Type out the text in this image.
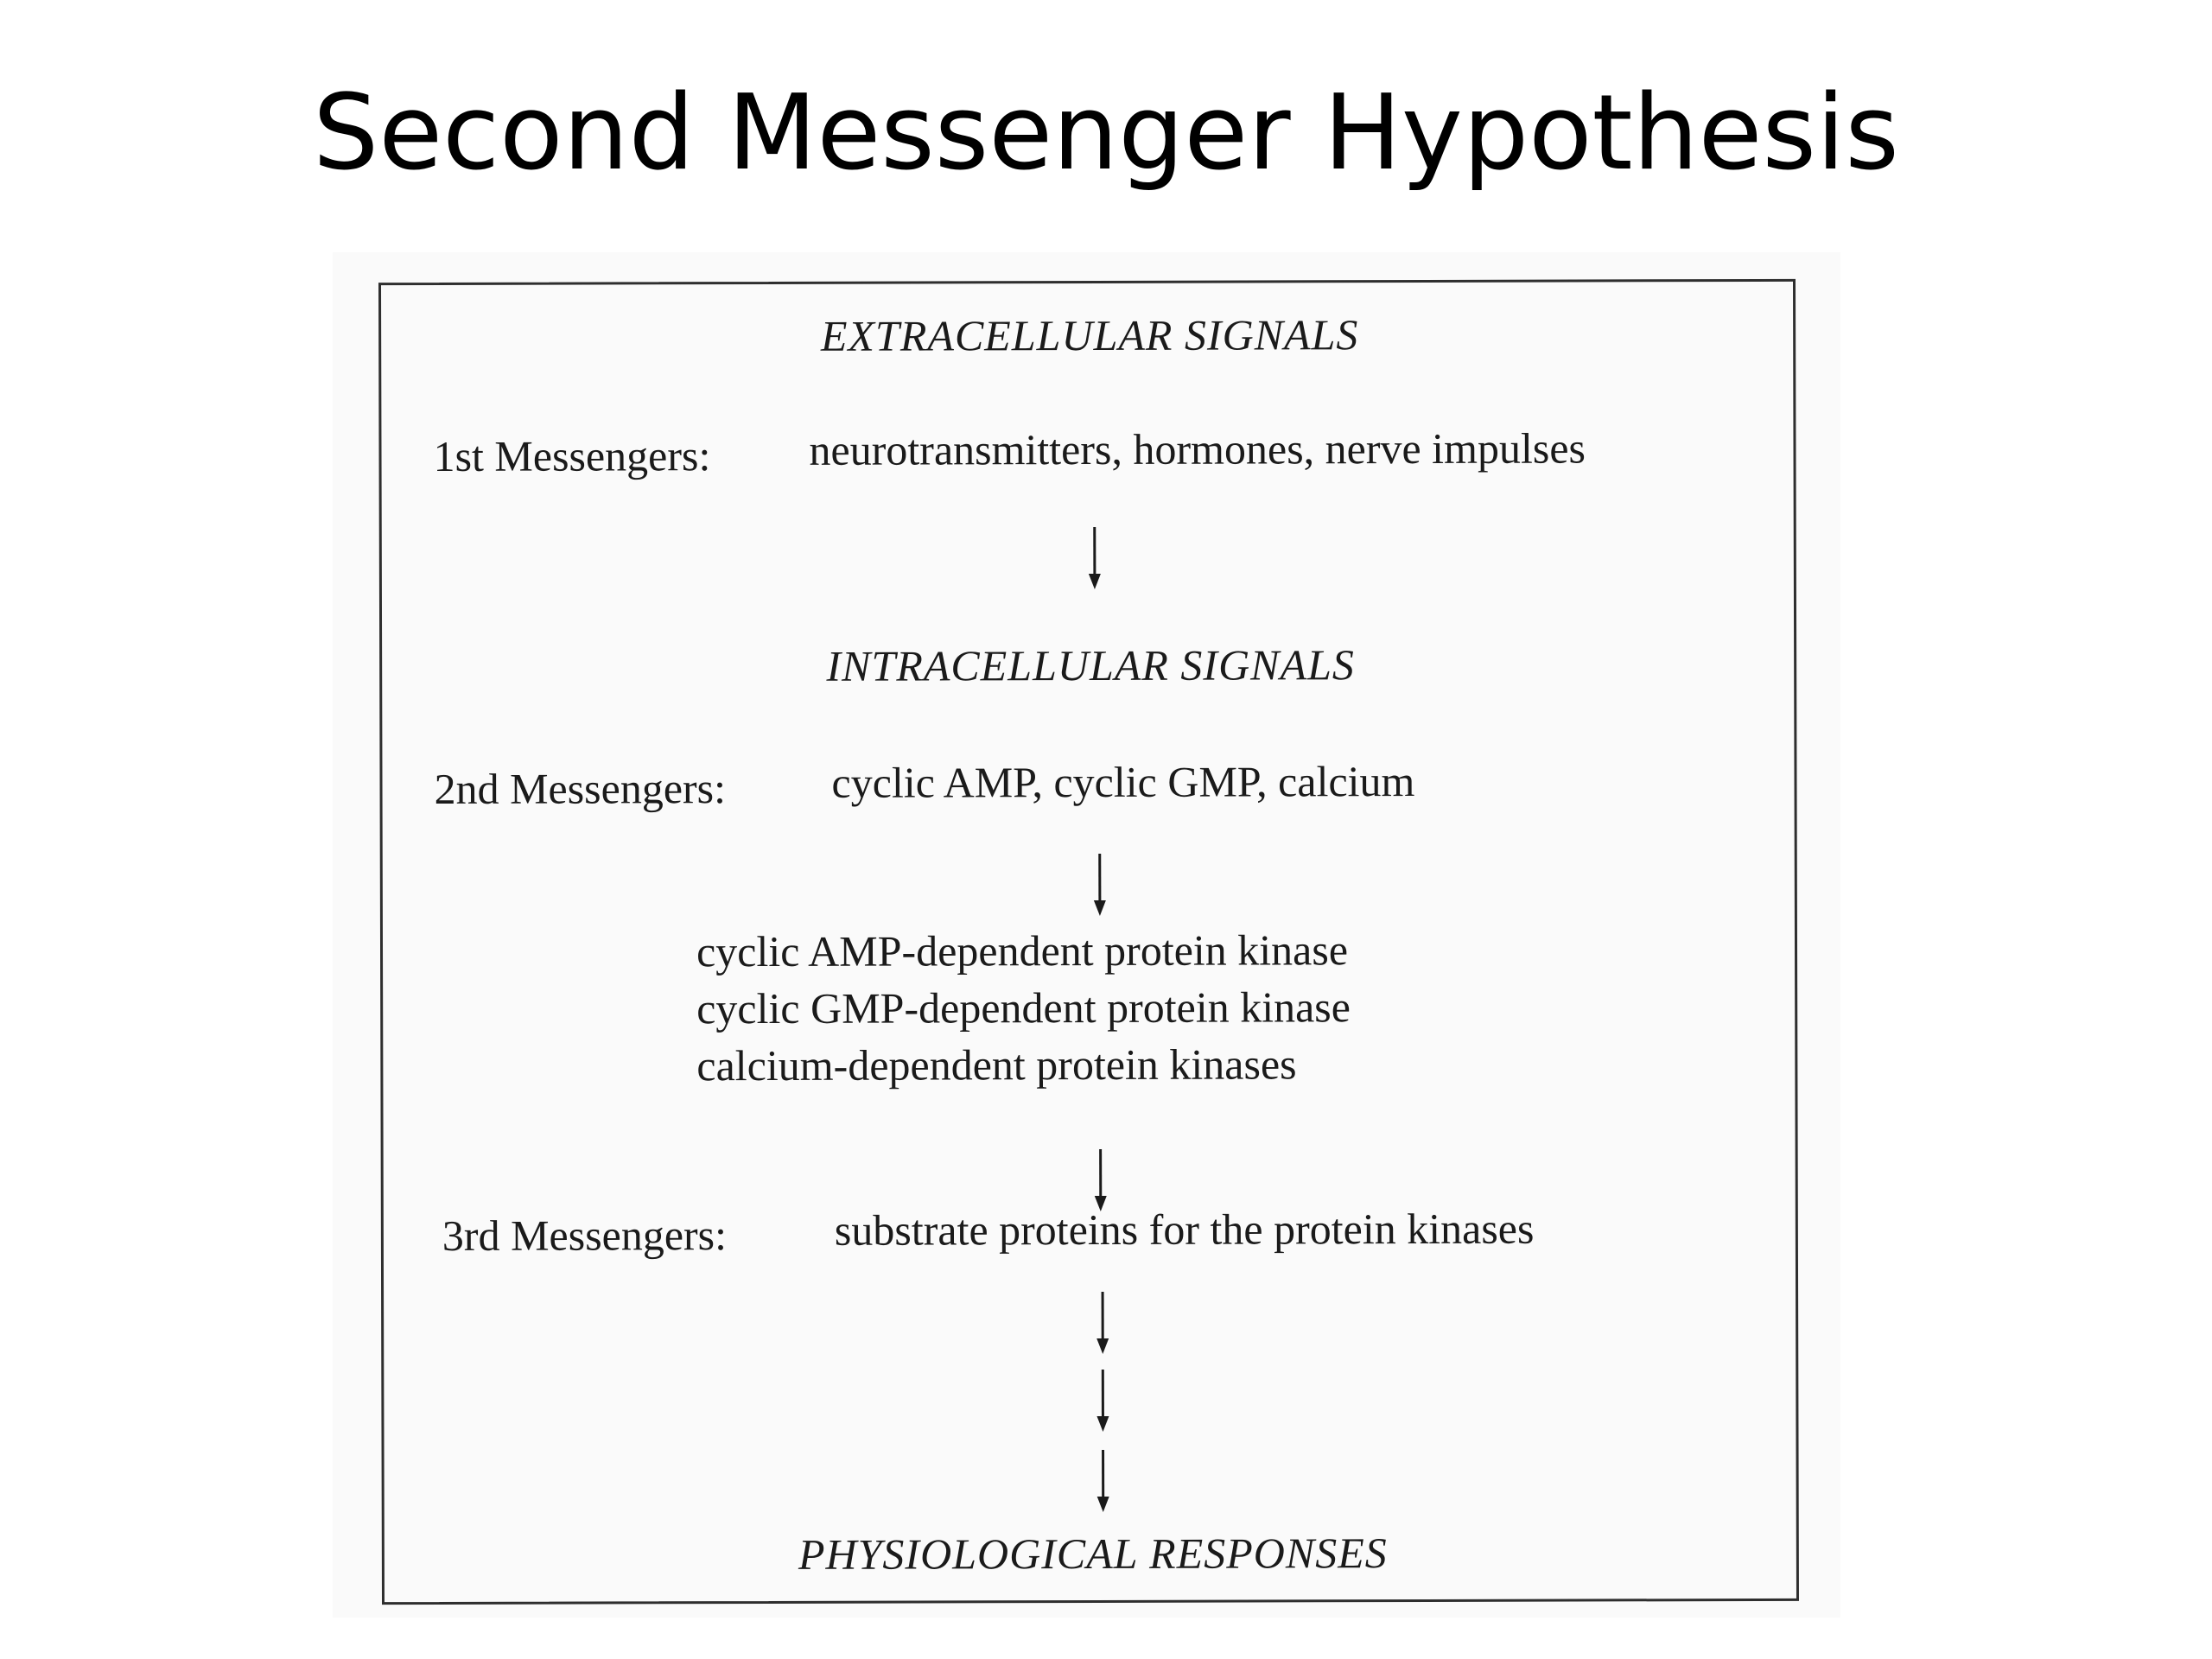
Second Messenger Hypothesis
EXTRACELLULAR SIGNALS
1st Messengers: neurotransmitters, hormones, nerve impulses
INTRACELLULAR SIGNALS
2nd Messengers: cyclic AMP, cyclic GMP, calcium
cyclic AMP-dependent protein kinase
cyclic GMP-dependent protein kinase
calcium-dependent protein kinases
3rd Messengers: substrate proteins for the protein kinases
PHYSIOLOGICAL RESPONSES
